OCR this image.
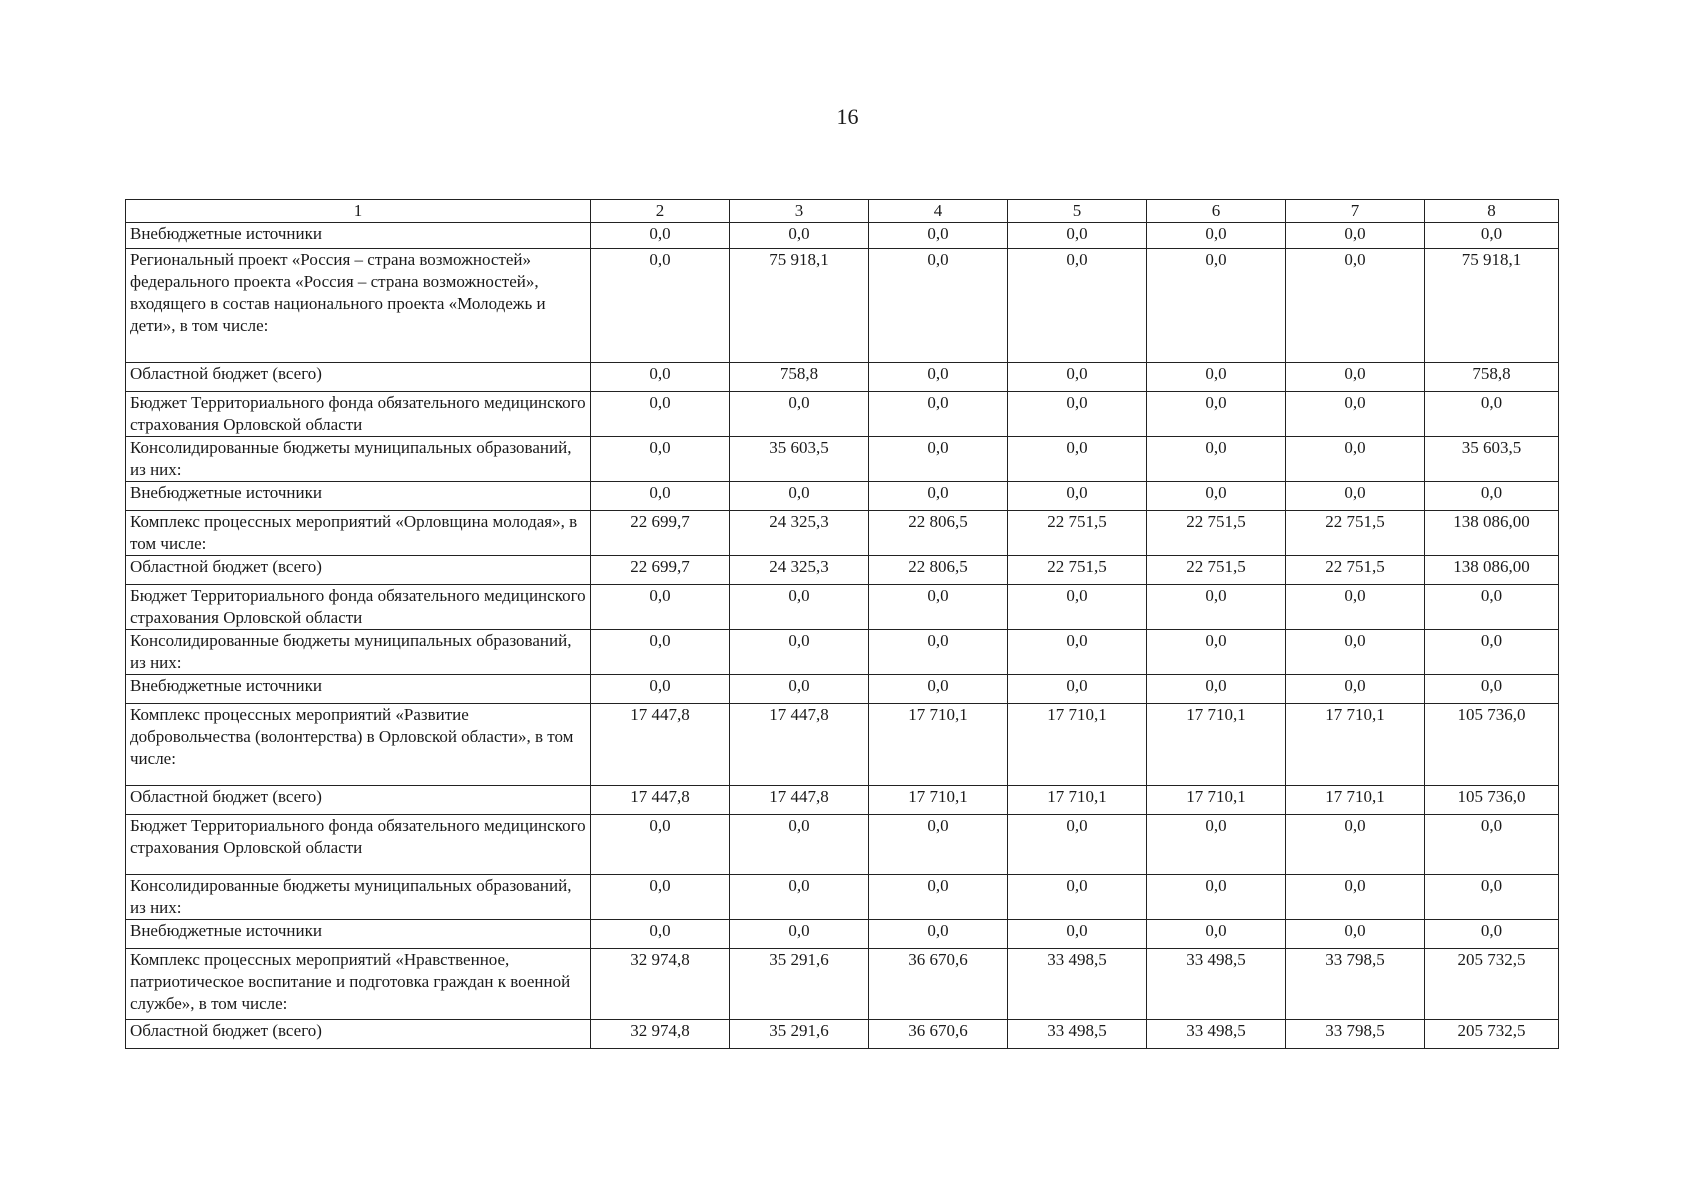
16
1	2	3	4	5	6	7	8
Внебюджетные источники	0,0	0,0	0,0	0,0	0,0	0,0	0,0
Региональный проект «Россия – страна возможностей» федерального проекта «Россия – страна возможностей», входящего в состав национального проекта «Молодежь и дети», в том числе:	0,0	75 918,1	0,0	0,0	0,0	0,0	75 918,1
Областной бюджет (всего)	0,0	758,8	0,0	0,0	0,0	0,0	758,8
Бюджет Территориального фонда обязательного медицинского страхования Орловской области	0,0	0,0	0,0	0,0	0,0	0,0	0,0
Консолидированные бюджеты муниципальных образований, из них:	0,0	35 603,5	0,0	0,0	0,0	0,0	35 603,5
Внебюджетные источники	0,0	0,0	0,0	0,0	0,0	0,0	0,0
Комплекс процессных мероприятий «Орловщина молодая», в том числе:	22 699,7	24 325,3	22 806,5	22 751,5	22 751,5	22 751,5	138 086,00
Областной бюджет (всего)	22 699,7	24 325,3	22 806,5	22 751,5	22 751,5	22 751,5	138 086,00
Бюджет Территориального фонда обязательного медицинского страхования Орловской области	0,0	0,0	0,0	0,0	0,0	0,0	0,0
Консолидированные бюджеты муниципальных образований, из них:	0,0	0,0	0,0	0,0	0,0	0,0	0,0
Внебюджетные источники	0,0	0,0	0,0	0,0	0,0	0,0	0,0
Комплекс процессных мероприятий «Развитие добровольчества (волонтерства) в Орловской области», в том числе:	17 447,8	17 447,8	17 710,1	17 710,1	17 710,1	17 710,1	105 736,0
Областной бюджет (всего)	17 447,8	17 447,8	17 710,1	17 710,1	17 710,1	17 710,1	105 736,0
Бюджет Территориального фонда обязательного медицинского страхования Орловской области	0,0	0,0	0,0	0,0	0,0	0,0	0,0
Консолидированные бюджеты муниципальных образований, из них:	0,0	0,0	0,0	0,0	0,0	0,0	0,0
Внебюджетные источники	0,0	0,0	0,0	0,0	0,0	0,0	0,0
Комплекс процессных мероприятий «Нравственное, патриотическое воспитание и подготовка граждан к военной службе», в том числе:	32 974,8	35 291,6	36 670,6	33 498,5	33 498,5	33 798,5	205 732,5
Областной бюджет (всего)	32 974,8	35 291,6	36 670,6	33 498,5	33 498,5	33 798,5	205 732,5
